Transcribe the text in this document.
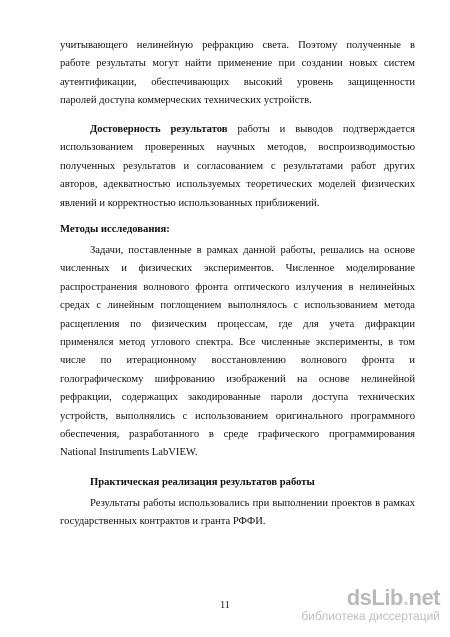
учитывающего нелинейную рефракцию света. Поэтому полученные в
работе результаты могут найти применение при создании новых систем
аутентификации, обеспечивающих высокий уровень защищенности
паролей доступа коммерческих технических устройств.
Достоверность результатов работы и выводов подтверждается
использованием проверенных научных методов, воспроизводимостью
полученных результатов и согласованием с результатами работ других
авторов, адекватностью используемых теоретических моделей физических
явлений и корректностью использованных приближений.

Методы исследования:

Задачи, поставленные в рамках данной работы, решались на основе
численных и физических экспериментов. Численное моделирование
распространения волнового фронта оптического излучения в нелинейных
средах с линейным поглощением выполнялось с использованием метода
расщепления по физическим процессам, где для учета дифракции
применялся метод углового спектра. Все численные эксперименты, в том
числе по итерационному восстановлению волнового фронта и
голографическому шифрованию изображений на основе нелинейной
рефракции, содержащих закодированные пароли доступа технических
устройств, выполнялись с использованием оригинального программного
обеспечения, разработанного в среде графического программирования
National Instruments LabVIEW.

Практическая реализация результатов работы

Результаты работы использовались при выполнении проектов в рамках
государственных контрактов и гранта РФФИ.
11	dsLib.net
библиотека диссертаций
